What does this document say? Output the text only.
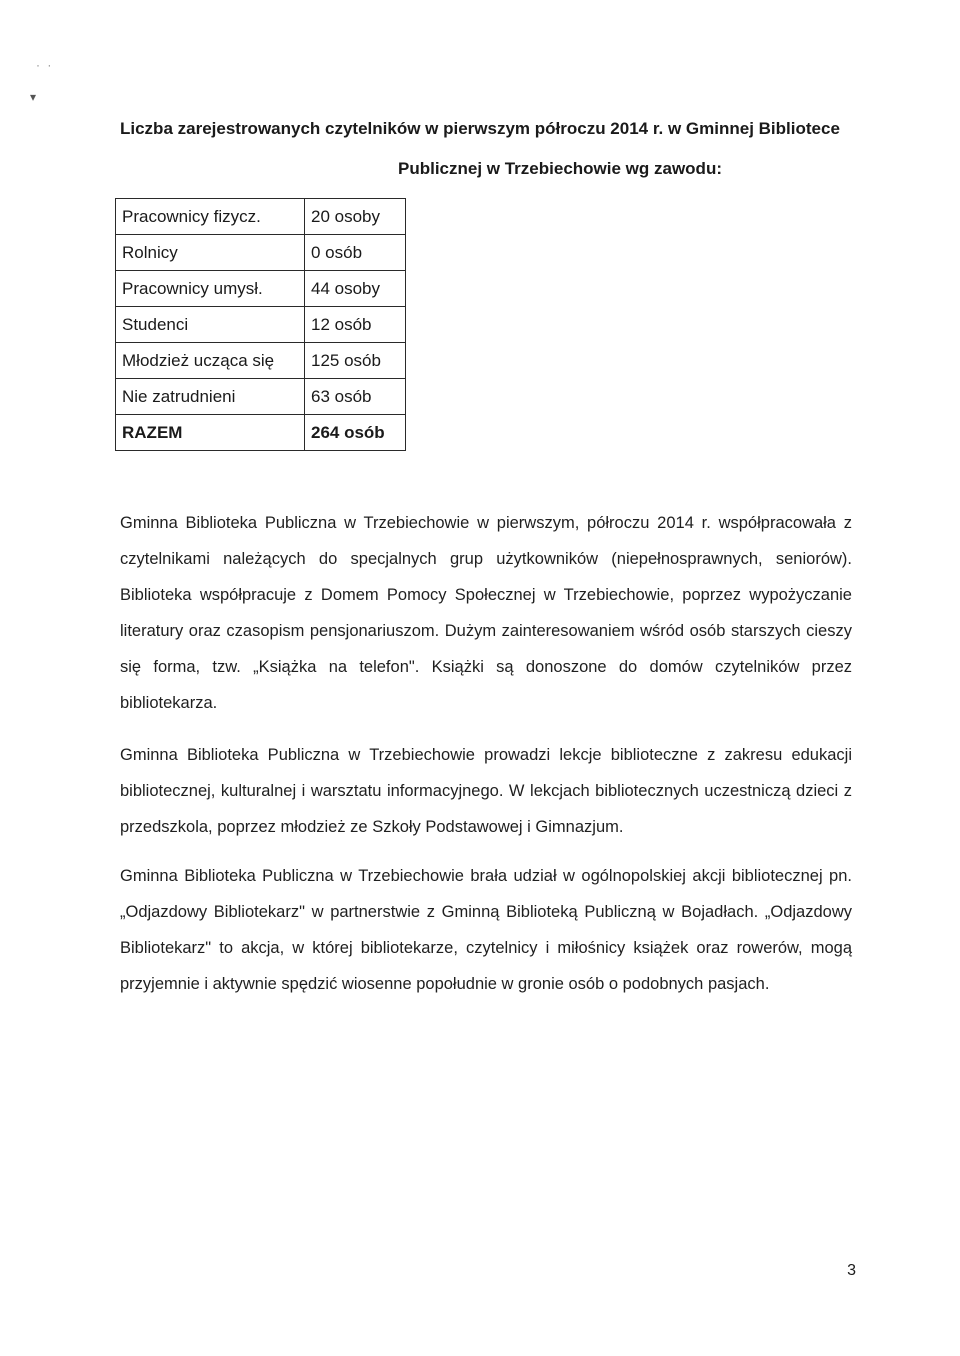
· ·
▾
Liczba zarejestrowanych czytelników w pierwszym półroczu 2014 r. w Gminnej Bibliotece
Publicznej w Trzebiechowie wg zawodu:
Pracownicy fizycz.	20 osoby
Rolnicy	0 osób
Pracownicy umysł.	44 osoby
Studenci	12 osób
Młodzież ucząca się	125 osób
Nie zatrudnieni	63 osób
RAZEM	264 osób

Gminna Biblioteka Publiczna w Trzebiechowie w pierwszym, półroczu 2014 r. współpracowała z czytelnikami należących do specjalnych grup użytkowników (niepełnosprawnych, seniorów). Biblioteka współpracuje z Domem Pomocy Społecznej w Trzebiechowie, poprzez wypożyczanie literatury oraz czasopism pensjonariuszom. Dużym zainteresowaniem wśród osób starszych cieszy się forma, tzw. „Książka na telefon". Książki są donoszone do domów czytelników przez bibliotekarza.

Gminna Biblioteka Publiczna w Trzebiechowie prowadzi lekcje biblioteczne z zakresu edukacji bibliotecznej, kulturalnej i warsztatu informacyjnego. W lekcjach bibliotecznych uczestniczą dzieci z przedszkola, poprzez młodzież ze Szkoły Podstawowej i Gimnazjum.

Gminna Biblioteka Publiczna w Trzebiechowie brała udział w ogólnopolskiej akcji bibliotecznej pn. „Odjazdowy Bibliotekarz" w partnerstwie z Gminną Biblioteką Publiczną w Bojadłach. „Odjazdowy Bibliotekarz" to akcja, w której bibliotekarze, czytelnicy i miłośnicy książek oraz rowerów, mogą przyjemnie i aktywnie spędzić wiosenne popołudnie w gronie osób o podobnych pasjach.

3
